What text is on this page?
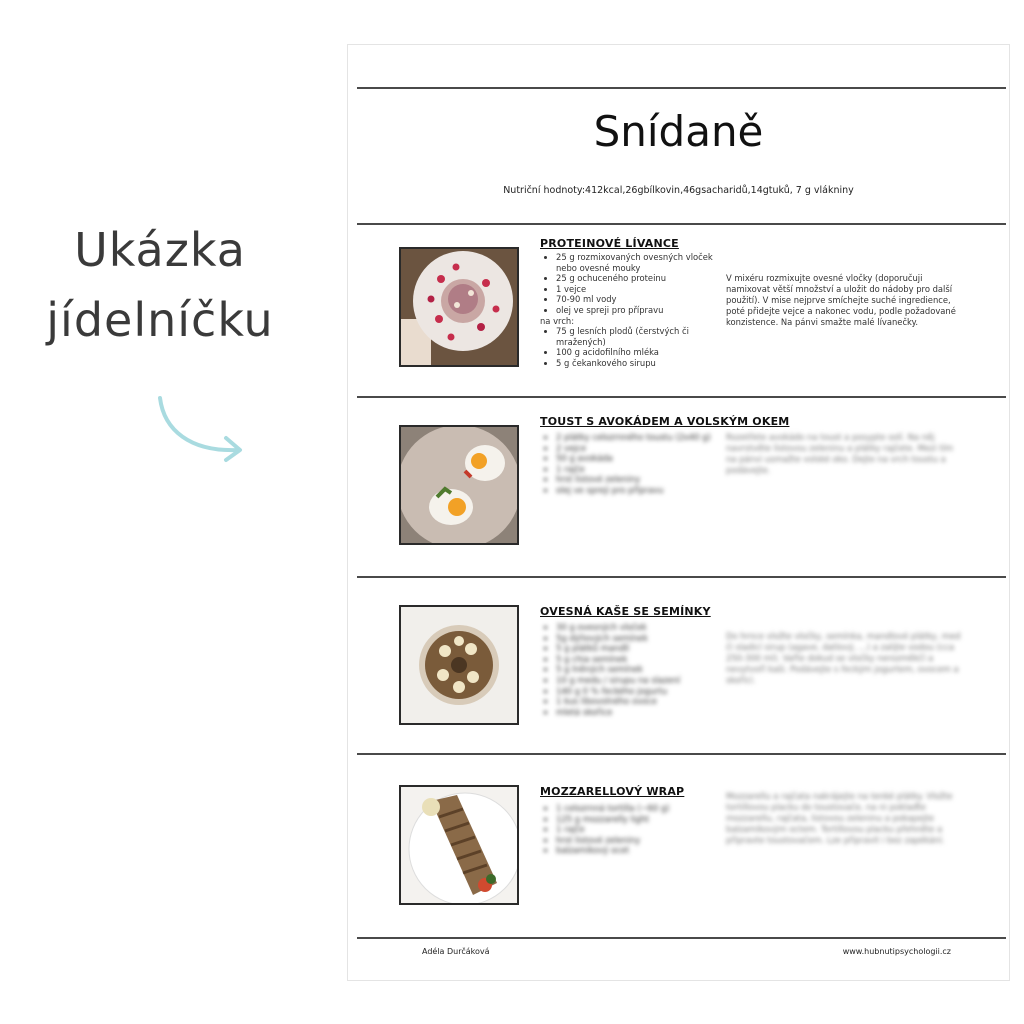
Ukázka
jídelníčku
Snídaně
Nutriční hodnoty:412kcal,26gbílkovin,46gsacharidů,14gtuků, 7 g vlákniny
PROTEINOVÉ LÍVANCE
• 25 g rozmixovaných ovesných vloček nebo ovesné mouky
• 25 g ochuceného proteinu
• 1 vejce
• 70-90 ml vody
• olej ve spreji pro přípravu
na vrch:
• 75 g lesních plodů (čerstvých či mražených)
• 100 g acidofilního mléka
• 5 g čekankového sirupu
V mixéru rozmixujte ovesné vločky (doporučuji namixovat větší množství a uložit do nádoby pro další použití). V mise nejprve smíchejte suché ingredience, poté přidejte vejce a nakonec vodu, podle požadované konzistence. Na pánvi smažte malé lívanečky.
TOUST S AVOKÁDEM A VOLSKÝM OKEM
• 2 plátky celozrnného toustu (2x40 g)
• 2 vejce
• 50 g avokáda
• 1 rajče
• hrst listové zeleniny
• olej ve spreji pro přípravu
Rozetřete avokádo na toust a posypte solí. Na něj navrstvěte listovou zeleninu a plátky rajčete. Mezi tím na pánvi usmažte volské oko. Dejte na vrch toustu a podávejte.
OVESNÁ KAŠE SE SEMÍNKY
• 30 g ovesných vloček
• 5g dýňových semínek
• 5 g plátků mandlí
• 5 g chia semínek
• 5 g lněných semínek
• 10 g medu / sirupu na slazení
• 140 g 0 % řeckého jogurtu
• 1 kus libovolného ovoce
• mletá skořice
Do hrnce vložte vločky, semínka, mandlové plátky, med či sladicí sirup (agave, datlový, ...) a zalijte vodou (cca 250-300 ml). Vařte dokud se vločky nerozměkčí a nevytvoří kaši. Podávejte s řeckým jogurtem, ovocem a skořicí.
MOZZARELLOVÝ WRAP
• 1 celozrnná tortilla (~60 g)
• 125 g mozzarelly light
• 1 rajče
• hrst listové zeleniny
• balzamikový ocet
Mozzarellu a rajčata nakrájejte na tenké plátky. Vložte tortillovou placku do toustovače, na ni poklaďte mozzarellu, rajčata, listovou zeleninu a pokapejte balzamikovým octem. Tortillovou placku přehněte a připravte toustovačem. Lze připravit i bez zapékání.
Adéla Durčáková	www.hubnutipsychologii.cz
